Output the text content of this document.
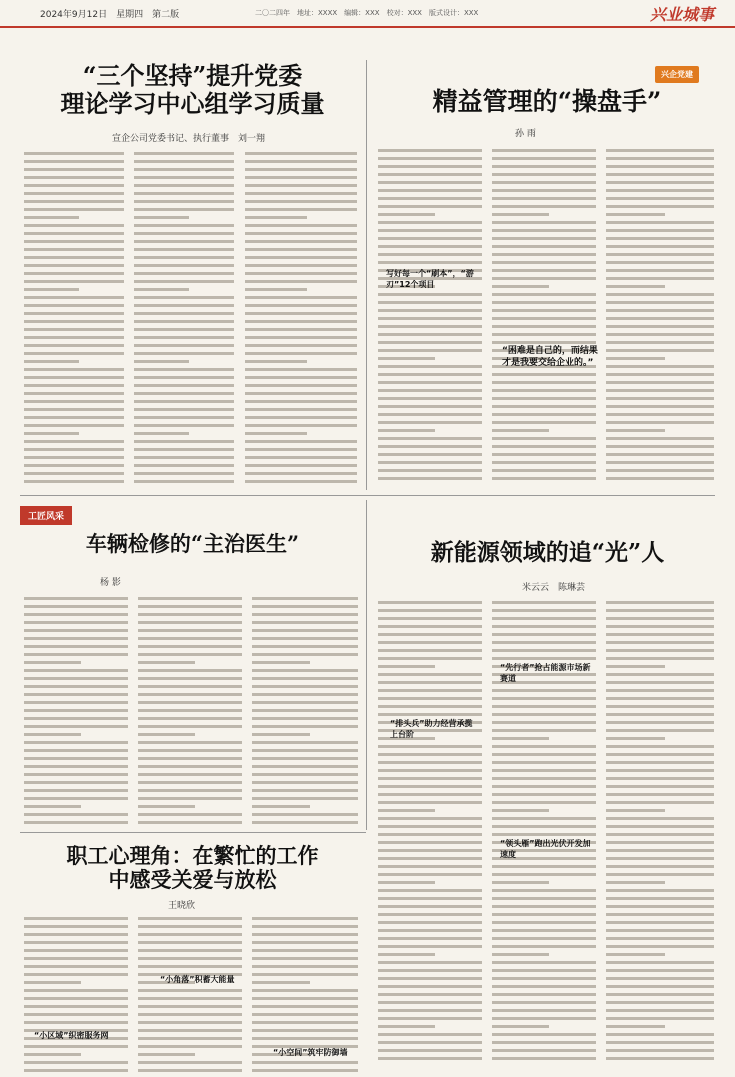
2024年9月12日　星期四　第二版	二〇二四年　地址：XXXX　编辑：XXX　校对：XXX　版式设计：XXX	兴业城事
“三个坚持”提升党委
理论学习中心组学习质量
宣企公司党委书记、执行董事　刘一翔
兴企党建
精益管理的“操盘手”
孙 雨
写好每一个“刷本”，“游刃”12个项目
“困难是自己的，而结果才是我要交给企业的。”
工匠风采
车辆检修的“主治医生”
杨 影
新能源领域的追“光”人
米云云　陈琳芸
“排头兵”助力经营承揽上台阶
“先行者”抢占能源市场新赛道
“领头雁”跑出光伏开发加速度
职工心理角：在繁忙的工作
中感受关爱与放松
王晓欣
“小区域”织密服务网
“小角落”积蓄大能量
“小空间”筑牢防御墙
